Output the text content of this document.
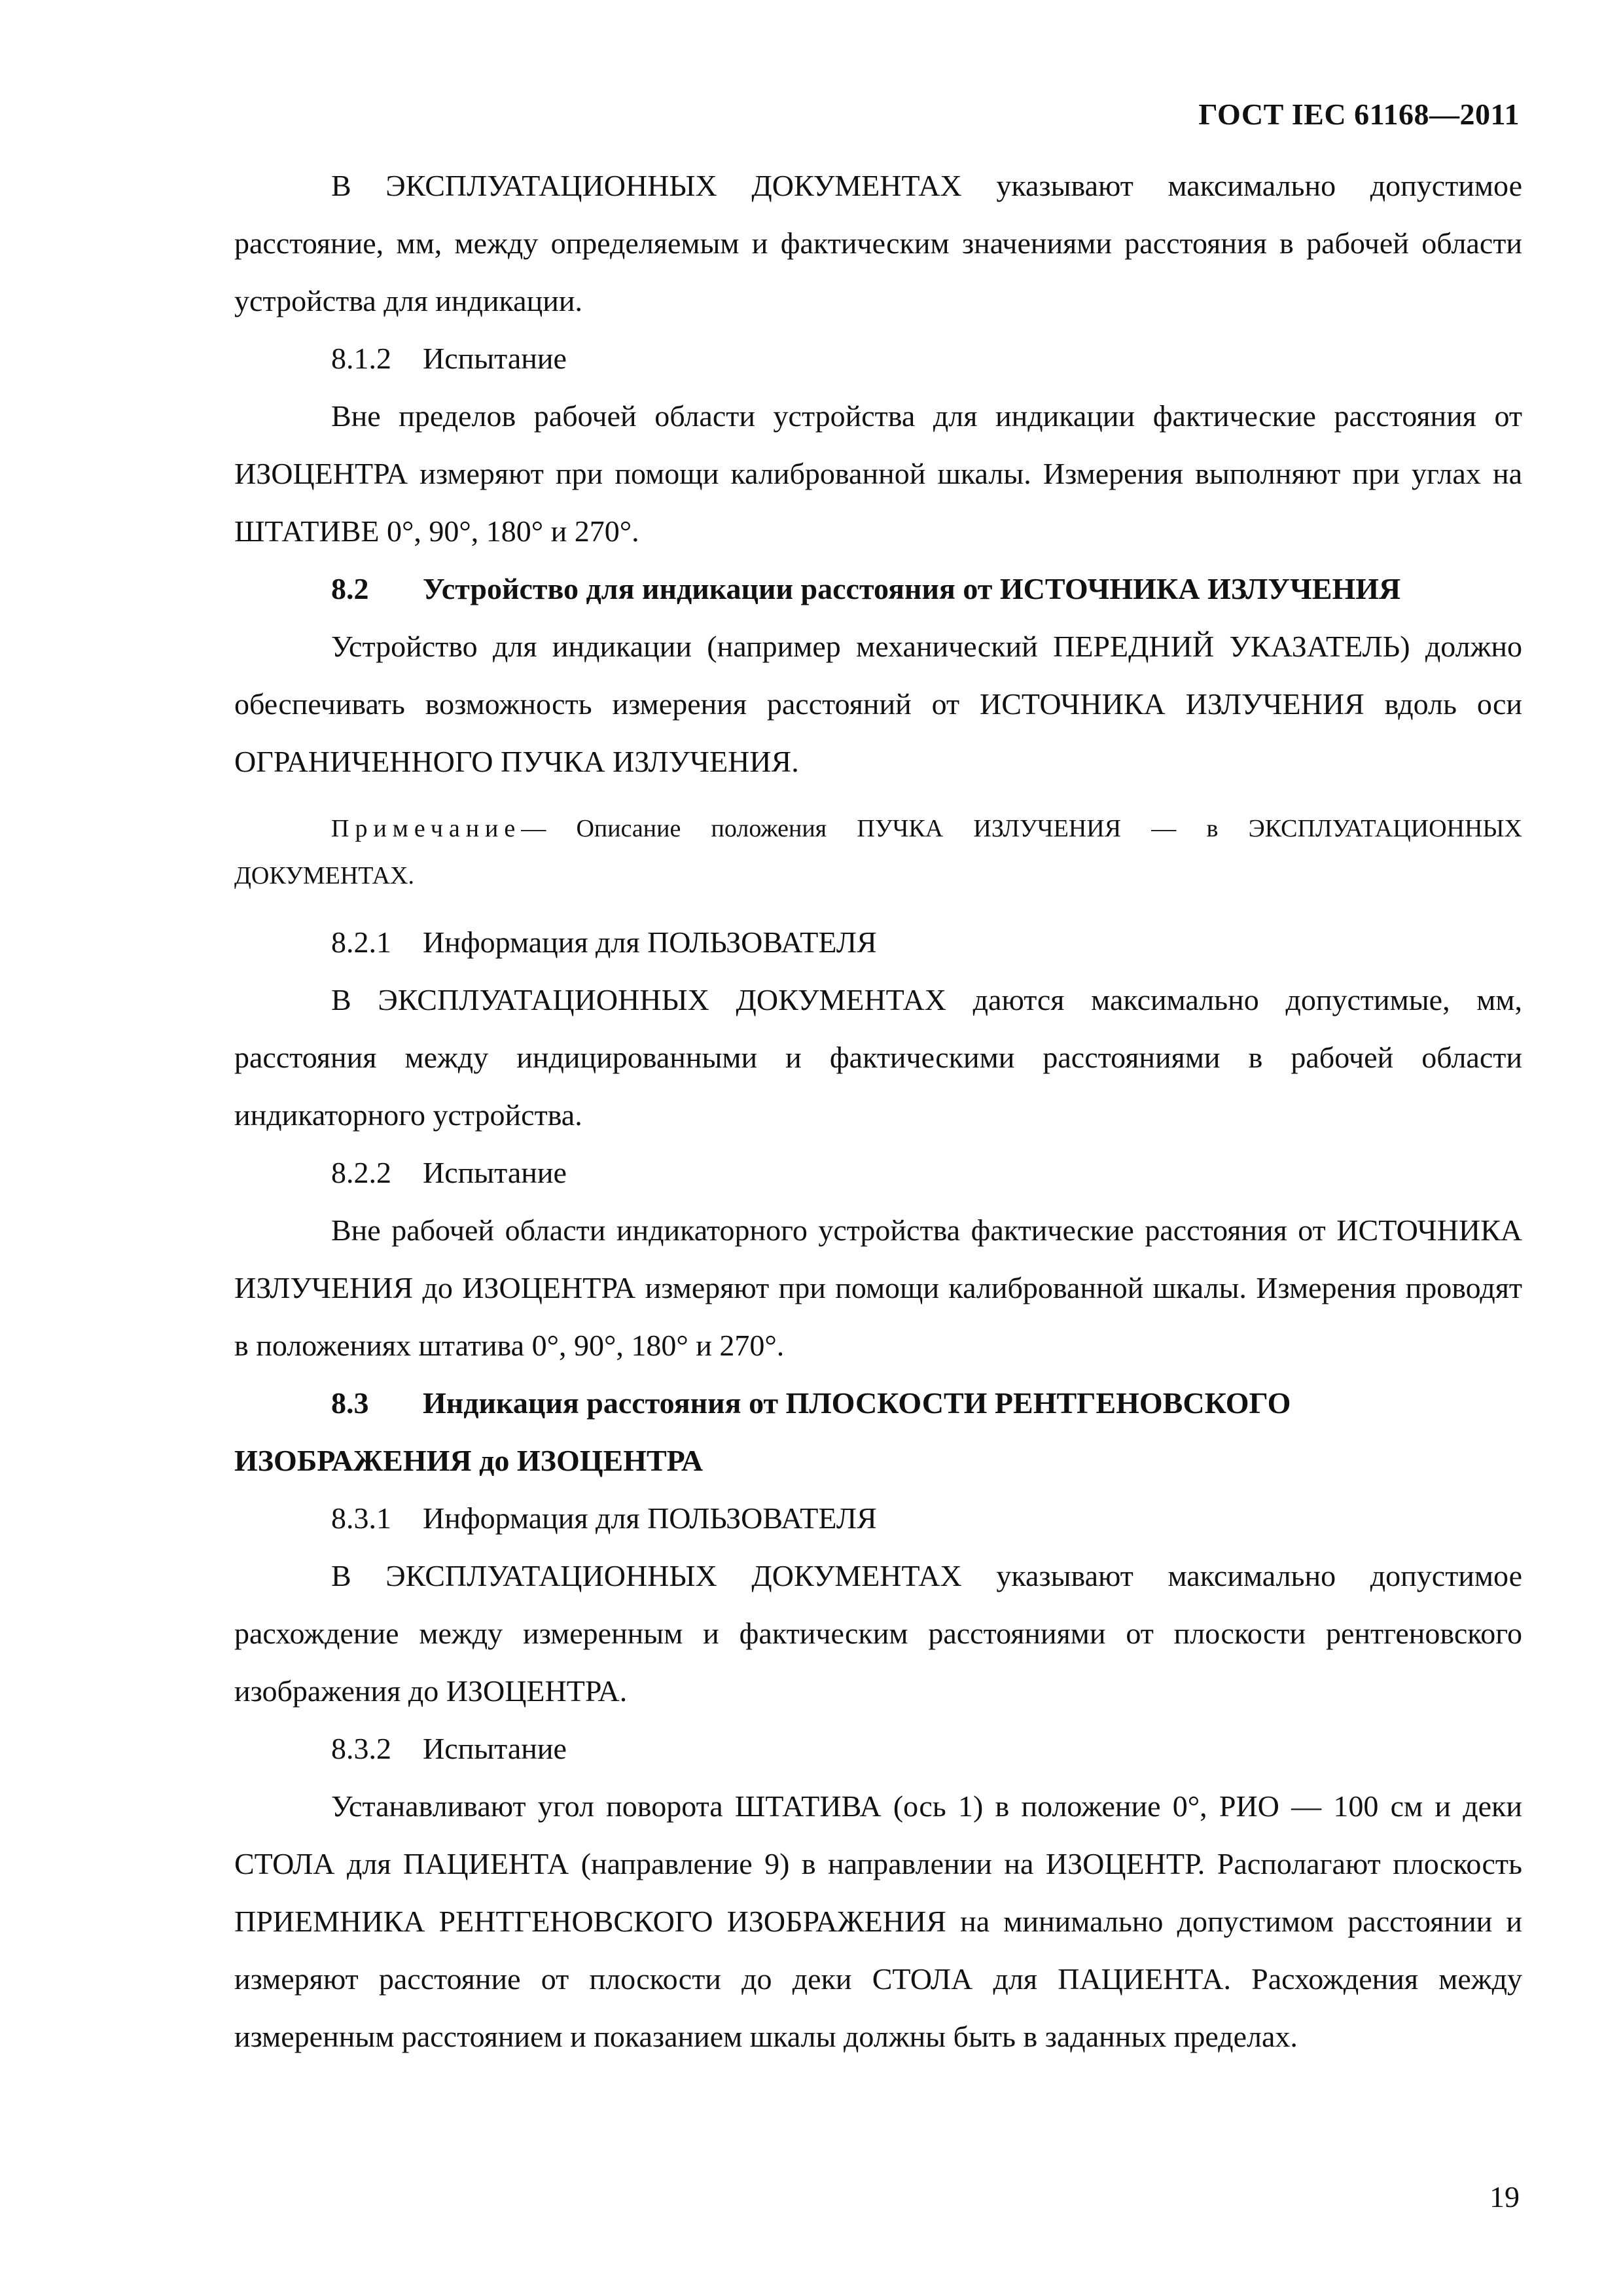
ГОСТ IEC 61168—2011

В ЭКСПЛУАТАЦИОННЫХ ДОКУМЕНТАХ указывают максимально допустимое расстояние, мм, между определяемым и фактическим значениями расстояния в рабочей области устройства для индикации.

8.1.2 Испытание

Вне пределов рабочей области устройства для индикации фактические расстояния от ИЗОЦЕНТРА измеряют при помощи калиброванной шкалы. Измерения выполняют при углах на ШТАТИВЕ 0°, 90°, 180° и 270°.

8.2 Устройство для индикации расстояния от ИСТОЧНИКА ИЗЛУЧЕНИЯ

Устройство для индикации (например механический ПЕРЕДНИЙ УКАЗАТЕЛЬ) должно обеспечивать возможность измерения расстояний от ИСТОЧНИКА ИЗЛУЧЕНИЯ вдоль оси ОГРАНИЧЕННОГО ПУЧКА ИЗЛУЧЕНИЯ.

Примечание— Описание положения ПУЧКА ИЗЛУЧЕНИЯ — в ЭКСПЛУАТАЦИОННЫХ ДОКУМЕНТАХ.

8.2.1 Информация для ПОЛЬЗОВАТЕЛЯ

В ЭКСПЛУАТАЦИОННЫХ ДОКУМЕНТАХ даются максимально допустимые, мм, расстояния между индицированными и фактическими расстояниями в рабочей области индикаторного устройства.

8.2.2 Испытание

Вне рабочей области индикаторного устройства фактические расстояния от ИСТОЧНИКА ИЗЛУЧЕНИЯ до ИЗОЦЕНТРА измеряют при помощи калиброванной шкалы. Измерения проводят в положениях штатива 0°, 90°, 180° и 270°.

8.3 Индикация расстояния от ПЛОСКОСТИ РЕНТГЕНОВСКОГО

ИЗОБРАЖЕНИЯ до ИЗОЦЕНТРА

8.3.1 Информация для ПОЛЬЗОВАТЕЛЯ

В ЭКСПЛУАТАЦИОННЫХ ДОКУМЕНТАХ указывают максимально допустимое расхождение между измеренным и фактическим расстояниями от плоскости рентгеновского изображения до ИЗОЦЕНТРА.

8.3.2 Испытание

Устанавливают угол поворота ШТАТИВА (ось 1) в положение 0°, РИО — 100 см и деки СТОЛА для ПАЦИЕНТА (направление 9) в направлении на ИЗОЦЕНТР. Располагают плоскость ПРИЕМНИКА РЕНТГЕНОВСКОГО ИЗОБРАЖЕНИЯ на минимально допустимом расстоянии и измеряют расстояние от плоскости до деки СТОЛА для ПАЦИЕНТА. Расхождения между измеренным расстоянием и показанием шкалы должны быть в заданных пределах.

19
